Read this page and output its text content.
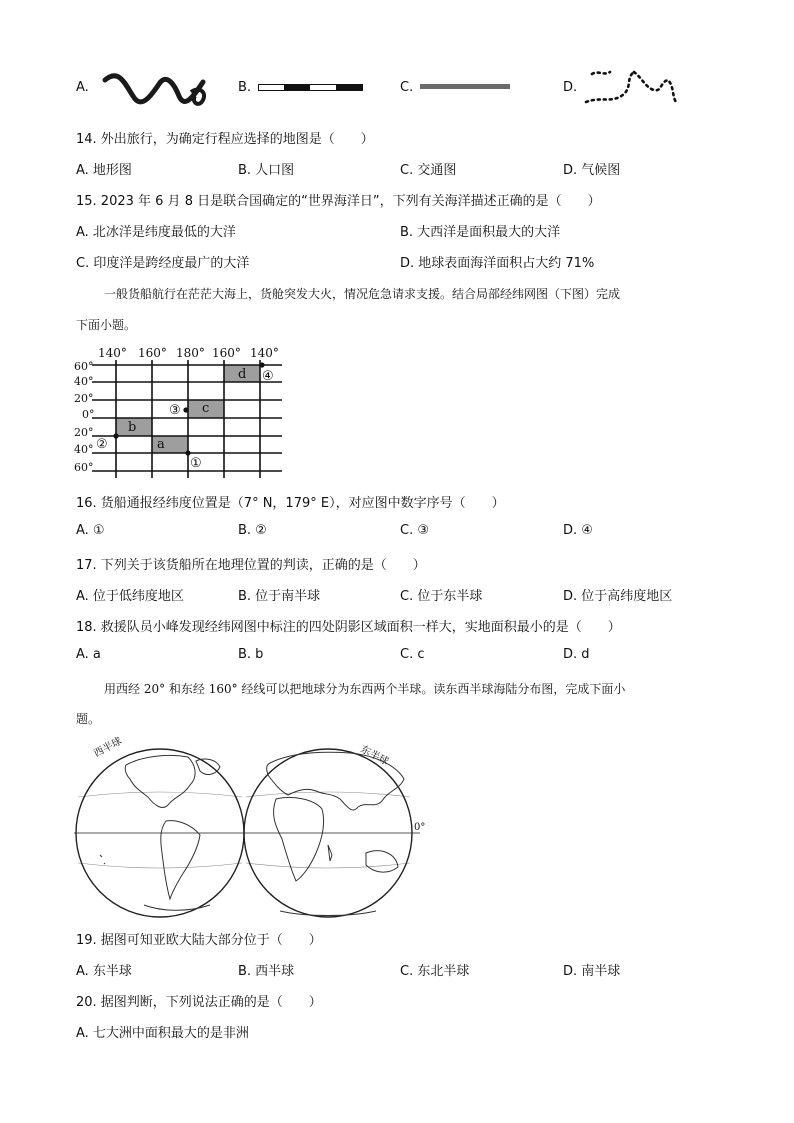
A.	B.	C.	D.
14. 外出旅行，为确定行程应选择的地图是（　　）
A. 地形图	B. 人口图	C. 交通图	D. 气候图
15. 2023 年 6 月 8 日是联合国确定的“世界海洋日”，下列有关海洋描述正确的是（　　）
A. 北冰洋是纬度最低的大洋	B. 大西洋是面积最大的大洋
C. 印度洋是跨经度最广的大洋	D. 地球表面海洋面积占大约 71%
一般货船航行在茫茫大海上，货舱突发大火，情况危急请求支援。结合局部经纬网图（下图）完成
下面小题。
140° 160° 180° 160° 140°
60°
40°
20°
0°
20°
40°
60°
a
b
c
d
①
②
③
④
16. 货船通报经纬度位置是（7° N，179° E），对应图中数字序号（　　）
A. ①	B. ②	C. ③	D. ④
17. 下列关于该货船所在地理位置的判读，正确的是（　　）
A. 位于低纬度地区	B. 位于南半球	C. 位于东半球	D. 位于高纬度地区
18. 救援队员小峰发现经纬网图中标注的四处阴影区域面积一样大，实地面积最小的是（　　）
A. a	B. b	C. c	D. d
用西经 20° 和东经 160° 经线可以把地球分为东西两个半球。读东西半球海陆分布图，完成下面小
题。
西半球	东半球
0°
19. 据图可知亚欧大陆大部分位于（　　）
A. 东半球	B. 西半球	C. 东北半球	D. 南半球
20. 据图判断，下列说法正确的是（　　）
A. 七大洲中面积最大的是非洲
